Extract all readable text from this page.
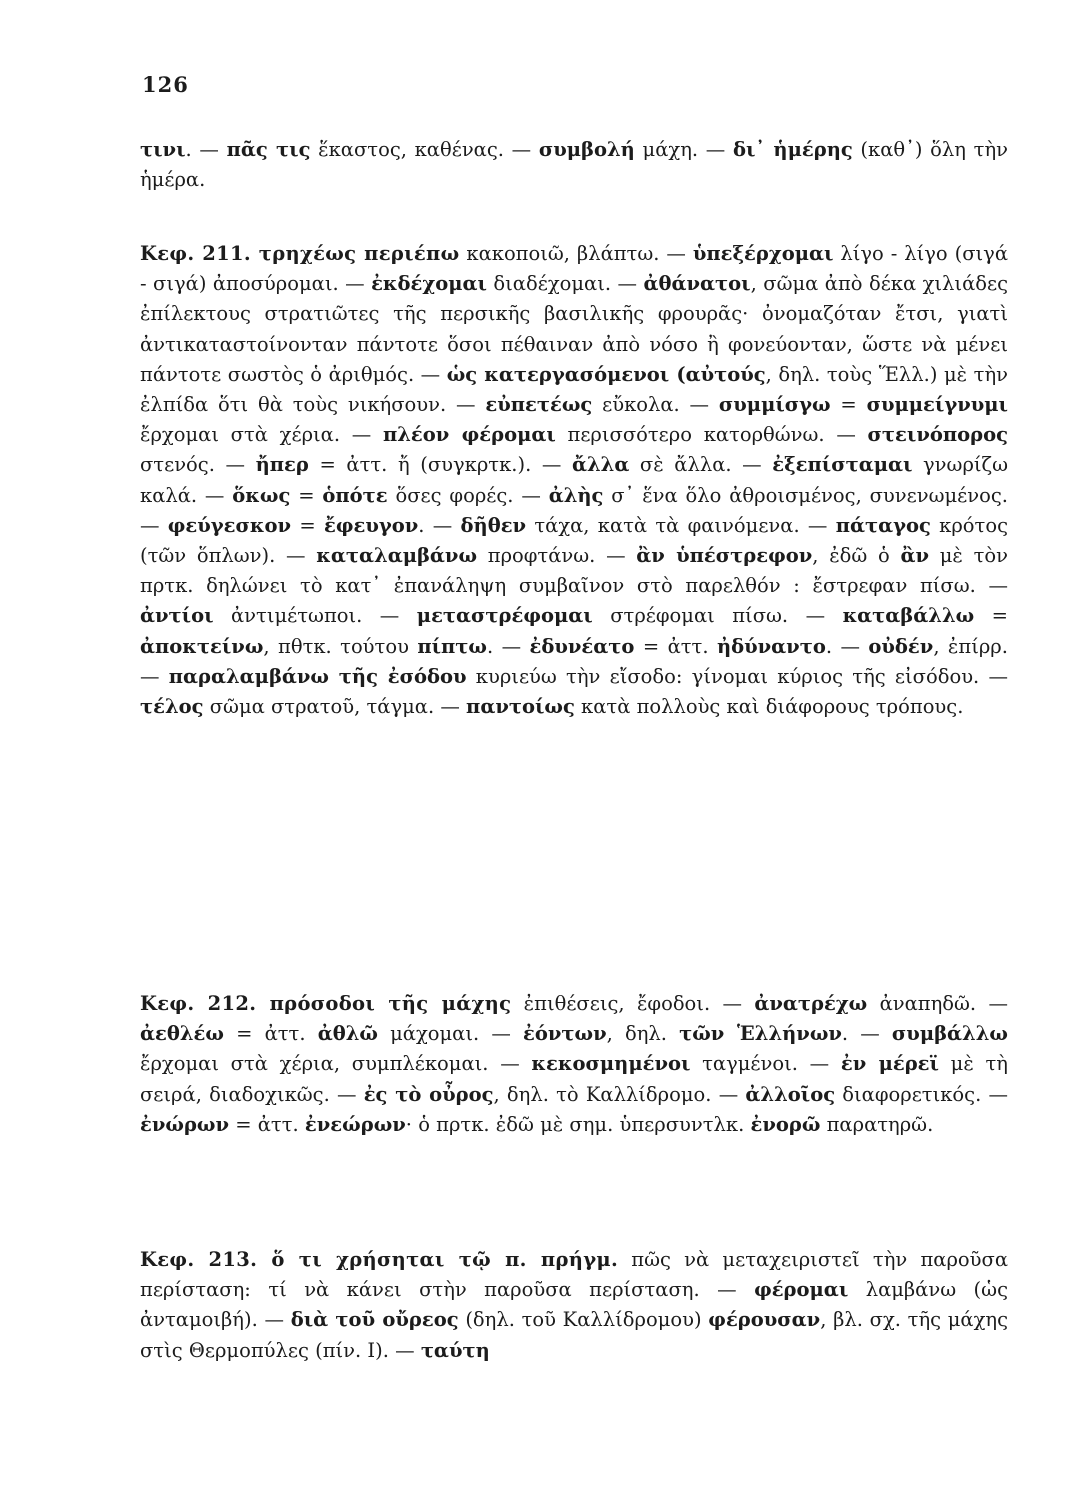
126
τινι. — πᾶς τις ἕκαστος, καθένας. — συμβολή μάχη. — δι᾽ ἡμέρης (καθ᾽) ὅλη τὴν ἡμέρα.
Κεφ. 211. τρηχέως περιέπω κακοποιῶ, βλάπτω. — ὑπεξέρχομαι λίγο - λίγο (σιγά - σιγά) ἀποσύρομαι. — ἐκδέχομαι διαδέχομαι. — ἀθάνατοι, σῶμα ἀπὸ δέκα χιλιάδες ἐπίλεκτους στρατιῶτες τῆς περσικῆς βασιλικῆς φρουρᾶς· ὀνομαζόταν ἔτσι, γιατὶ ἀντικαταστοίνονταν πάντοτε ὅσοι πέθαιναν ἀπὸ νόσο ἢ φονεύονταν, ὥστε νὰ μένει πάντοτε σωστὸς ὁ ἀριθμός. — ὡς κατεργασόμενοι (αὐτούς, δηλ. τοὺς Ἕλλ.) μὲ τὴν ἐλπίδα ὅτι θὰ τοὺς νικήσουν. — εὐπετέως εὔκολα. — συμμίσγω = συμμείγνυμι ἔρχομαι στὰ χέρια. — πλέον φέρομαι περισσότερο κατορθώνω. — στεινόπορος στενός. — ἤπερ = ἀττ. ἤ (συγκρτκ.). — ἄλλα σὲ ἄλλα. — ἐξεπίσταμαι γνωρίζω καλά. — ὅκως = ὁπότε ὅσες φορές. — ἀλὴς σ᾽ ἕνα ὅλο ἀθροισμένος, συνενωμένος. — φεύγεσκον = ἔφευγον. — δῆθεν τάχα, κατὰ τὰ φαινόμενα. — πάταγος κρότος (τῶν ὅπλων). — καταλαμβάνω προφτάνω. — ἂν ὑπέστρεφον, ἐδῶ ὁ ἂν μὲ τὸν πρτκ. δηλώνει τὸ κατ᾽ ἐπανάληψη συμβαῖνον στὸ παρελθόν : ἔστρεφαν πίσω. — ἀντίοι ἀντιμέτωποι. — μεταστρέφομαι στρέφομαι πίσω. — καταβάλλω = ἀποκτείνω, πθτκ. τούτου πίπτω. — ἐδυνέατο = ἀττ. ἠδύναντο. — οὐδέν, ἐπίρρ. — παραλαμβάνω τῆς ἐσόδου κυριεύω τὴν εἴσοδο: γίνομαι κύριος τῆς εἰσόδου. — τέλος σῶμα στρατοῦ, τάγμα. — παντοίως κατὰ πολλοὺς καὶ διάφορους τρόπους.
Κεφ. 212. πρόσοδοι τῆς μάχης ἐπιθέσεις, ἔφοδοι. — ἀνατρέχω ἀναπηδῶ. — ἀεθλέω = ἀττ. ἀθλῶ μάχομαι. — ἐόντων, δηλ. τῶν Ἑλλήνων. — συμβάλλω ἔρχομαι στὰ χέρια, συμπλέκομαι. — κεκοσμημένοι ταγμένοι. — ἐν μέρεϊ μὲ τὴ σειρά, διαδοχικῶς. — ἐς τὸ οὖρος, δηλ. τὸ Καλλίδρομο. — ἀλλοῖος διαφορετικός. — ἐνώρων = ἀττ. ἐνεώρων· ὁ πρτκ. ἐδῶ μὲ σημ. ὑπερσυντλκ. ἐνορῶ παρατηρῶ.
Κεφ. 213. ὅ τι χρήσηται τῷ π. πρήγμ. πῶς νὰ μεταχειριστεῖ τὴν παροῦσα περίσταση: τί νὰ κάνει στὴν παροῦσα περίσταση. — φέρομαι λαμβάνω (ὡς ἀνταμοιβή). — διὰ τοῦ οὔρεος (δηλ. τοῦ Καλλίδρομου) φέρουσαν, βλ. σχ. τῆς μάχης στὶς Θερμοπύλες (πίν. I). — ταύτη
